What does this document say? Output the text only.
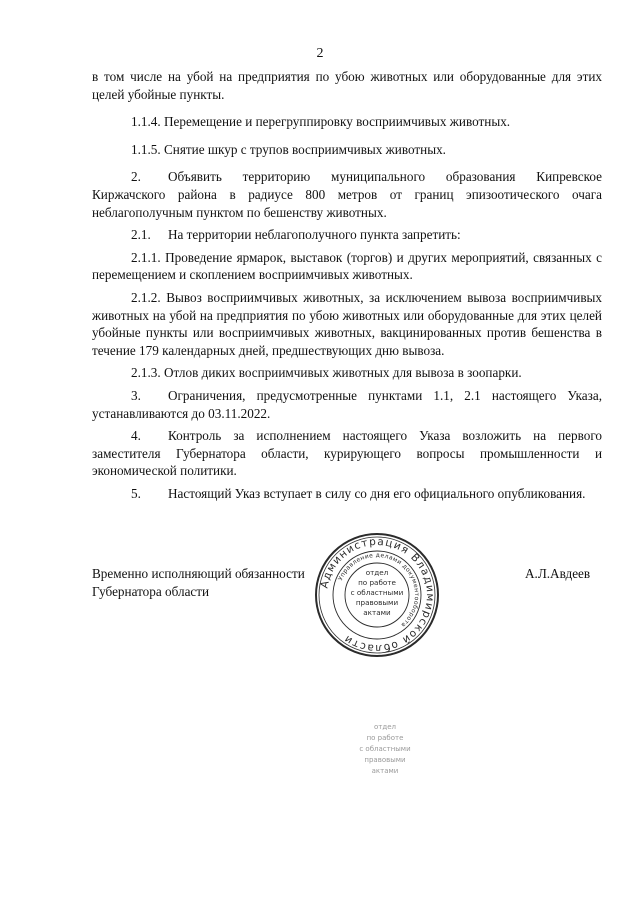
2

в том числе на убой на предприятия по убою животных или оборудованные для этих целей убойные пункты.

1.1.4. Перемещение и перегруппировку восприимчивых животных.

1.1.5. Снятие шкур с трупов восприимчивых животных.

2. Объявить территорию муниципального образования Кипревское Киржачского района в радиусе 800 метров от границ эпизоотического очага неблагополучным пунктом по бешенству животных.

2.1. На территории неблагополучного пункта запретить:

2.1.1. Проведение ярмарок, выставок (торгов) и других мероприятий, связанных с перемещением и скоплением восприимчивых животных.

2.1.2. Вывоз восприимчивых животных, за исключением вывоза восприимчивых животных на убой на предприятия по убою животных или оборудованные для этих целей убойные пункты или восприимчивых животных, вакцинированных против бешенства в течение 179 календарных дней, предшествующих дню вывоза.

2.1.3. Отлов диких восприимчивых животных для вывоза в зоопарки.

3. Ограничения, предусмотренные пунктами 1.1, 2.1 настоящего Указа, устанавливаются до 03.11.2022.

4. Контроль за исполнением настоящего Указа возложить на первого заместителя Губернатора области, курирующего вопросы промышленности и экономической политики.

5. Настоящий Указ вступает в силу со дня его официального опубликования.

Временно исполняющий обязанности
Губернатора области
А.Л.Авдеев
Администрация Владимирской области
Управление делами документооборота
отдел
по работе
с областными
правовыми
актами
отдел
по работе
с областными
правовыми
актами
